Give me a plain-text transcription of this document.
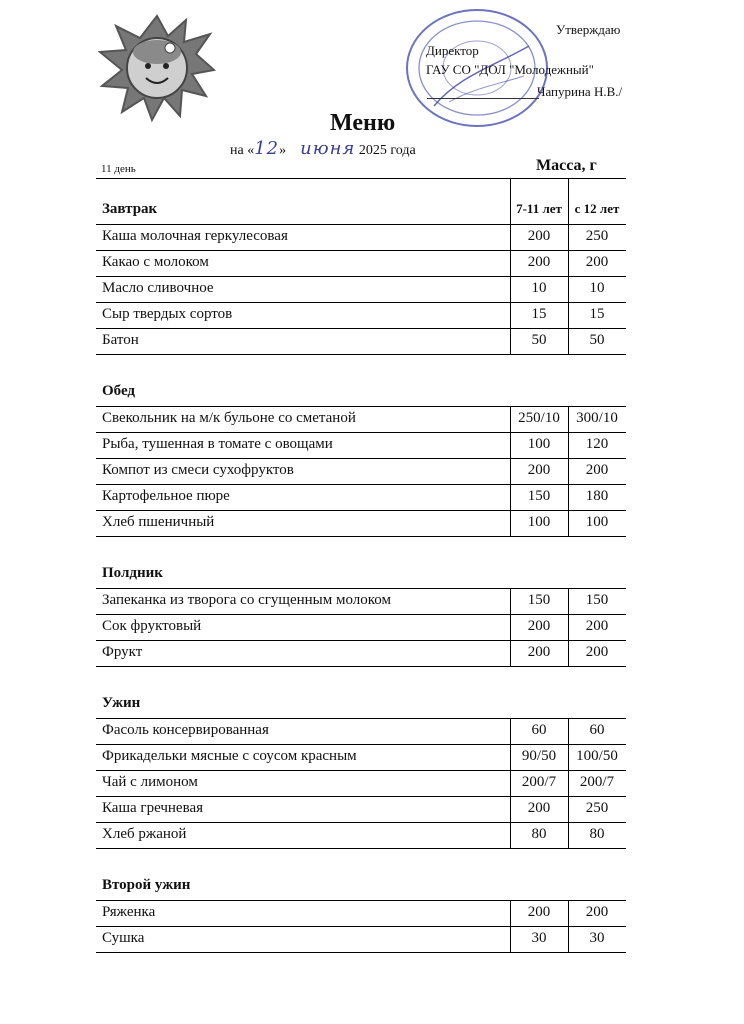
Утверждаю
Директор
ГАУ СО "ДОЛ "Молодежный"
Чапурина Н.В./
Меню
на «12» июня 2025 года
11 день	Масса, г
7-11 лет с 12 лет
Завтрак
Каша молочная геркулесовая	200	250
Какао с молоком	200	200
Масло сливочное	10	10
Сыр твердых сортов	15	15
Батон	50	50
Обед
Свекольник на м/к бульоне со сметаной	250/10	300/10
Рыба, тушенная в томате с овощами	100	120
Компот из смеси сухофруктов	200	200
Картофельное пюре	150	180
Хлеб пшеничный	100	100
Полдник
Запеканка из творога со сгущенным молоком	150	150
Сок фруктовый	200	200
Фрукт	200	200
Ужин
Фасоль консервированная	60	60
Фрикадельки мясные с соусом красным	90/50	100/50
Чай с лимоном	200/7	200/7
Каша гречневая	200	250
Хлеб ржаной	80	80
Второй ужин
Ряженка	200	200
Сушка	30	30
